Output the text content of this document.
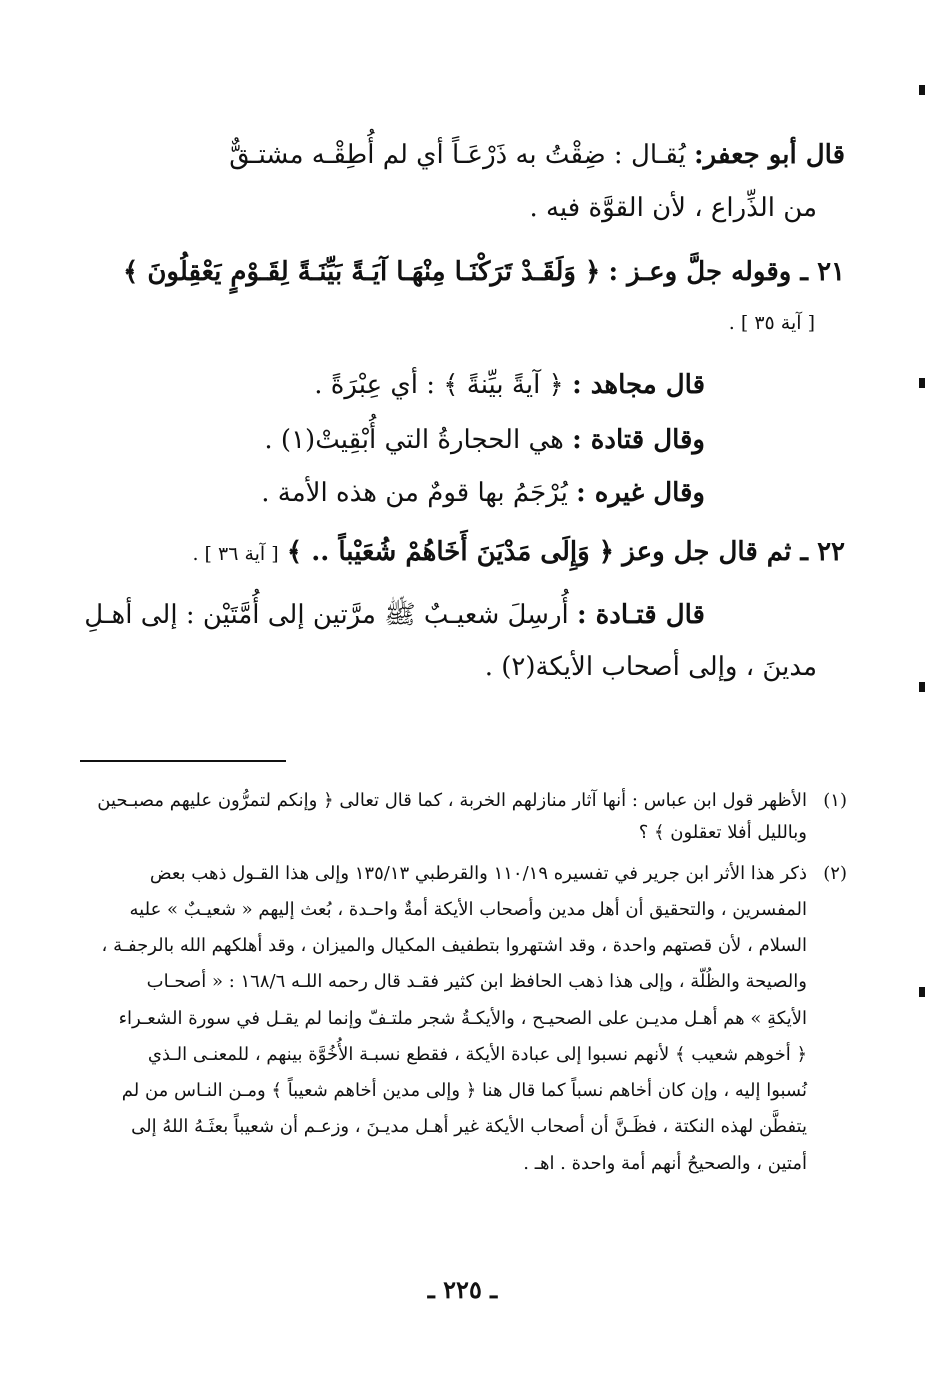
قال أبو جعفر: يُقـال : ضِقْتُ به ذَرْعَـاً أي لم أُطِقْـه مشتـقٌّ
من الذِّراع ، لأن القوَّة فيه .
٢١ ـ وقوله جلَّ وعـز : ﴿ وَلَقَـدْ تَرَكْنَـا مِنْهَـا آيَـةً بَيِّنَـةً لِقَـوْمٍ يَعْقِلُونَ ﴾
[ آية ٣٥ ] .
قال مجاهد : ﴿ آيةً بيِّنةً ﴾ : أي عِبْرَةً .
وقال قتادة : هي الحجارةُ التي أُبْقِيتْ(١) .
وقال غيره : يُرْجَمُ بها قومٌ من هذه الأمة .
٢٢ ـ ثم قال جل وعز ﴿ وَإِلَى مَدْيَنَ أَخَاهُمْ شُعَيْباً .. ﴾ [ آية ٣٦ ] .
قال قتـادة : أُرسِلَ شعيـبٌ ﷺ مرَّتين إلى أُمَّتَيْن : إلى أهـلِ
مدينَ ، وإلى أصحاب الأيكة(٢) .
(١)
الأظهر قول ابن عباس : أنها آثار منازلهم الخربة ، كما قال تعالى ﴿ وإنكم لتمرُّون عليهم مصبـحين
وبالليل أفلا تعقلون ﴾ ؟
(٢)
ذكر هذا الأثر ابن جرير في تفسيره ١١٠/١٩ والقرطبي ١٣٥/١٣ وإلى هذا القـول ذهب بعض
المفسرين ، والتحقيق أن أهل مدين وأصحاب الأيكة أمةٌ واحـدة ، بُعث إليهم « شعيـبٌ » عليه
السلام ، لأن قصتهم واحدة ، وقد اشتهروا بتطفيف المكيال والميزان ، وقد أهلكهم الله بالرجفـة ،
والصيحة والظُلّة ، وإلى هذا ذهب الحافظ ابن كثير فقـد قال رحمه اللـه ١٦٨/٦ : « أصحـاب
الأيكةِ » هم أهـل مديـن على الصحيـح ، والأيكـةُ شجر ملتـفّ وإنما لم يقـل في سورة الشعـراء
﴿ أخوهم شعيب ﴾ لأنهم نسبوا إلى عبادة الأيكة ، فقطع نسبـة الأُخُوَّة بينهم ، للمعنـى الـذي
نُسبوا إليه ، وإن كان أخاهم نسباً كما قال هنا ﴿ وإلى مدين أخاهم شعيباً ﴾ ومـن النـاس من لم
يتفطَّن لهذه النكتة ، فظَـنَّ أن أصحاب الأيكة غير أهـل مديـنَ ، وزعـم أن شعيباً بعثَـهُ اللهُ إلى
أمتين ، والصحيحُ أنهم أمة واحدة . اهـ .
ـ ٢٢٥ ـ
